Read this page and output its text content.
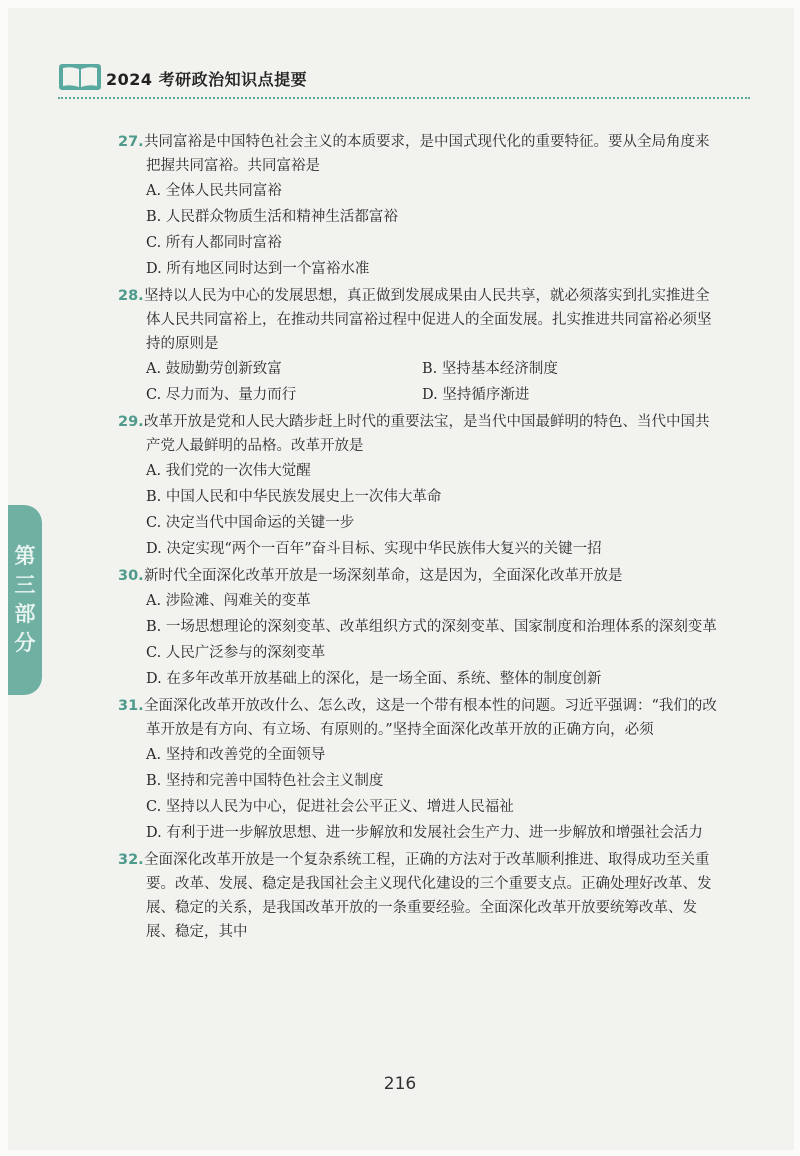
2024 考研政治知识点提要
第
三
部
分
27.共同富裕是中国特色社会主义的本质要求，是中国式现代化的重要特征。要从全局角度来把握共同富裕。共同富裕是
A. 全体人民共同富裕
B. 人民群众物质生活和精神生活都富裕
C. 所有人都同时富裕
D. 所有地区同时达到一个富裕水准
28.坚持以人民为中心的发展思想，真正做到发展成果由人民共享，就必须落实到扎实推进全体人民共同富裕上，在推动共同富裕过程中促进人的全面发展。扎实推进共同富裕必须坚持的原则是
A. 鼓励勤劳创新致富	B. 坚持基本经济制度
C. 尽力而为、量力而行	D. 坚持循序渐进
29.改革开放是党和人民大踏步赶上时代的重要法宝，是当代中国最鲜明的特色、当代中国共产党人最鲜明的品格。改革开放是
A. 我们党的一次伟大觉醒
B. 中国人民和中华民族发展史上一次伟大革命
C. 决定当代中国命运的关键一步
D. 决定实现“两个一百年”奋斗目标、实现中华民族伟大复兴的关键一招
30.新时代全面深化改革开放是一场深刻革命，这是因为，全面深化改革开放是
A. 涉险滩、闯难关的变革
B. 一场思想理论的深刻变革、改革组织方式的深刻变革、国家制度和治理体系的深刻变革
C. 人民广泛参与的深刻变革
D. 在多年改革开放基础上的深化，是一场全面、系统、整体的制度创新
31.全面深化改革开放改什么、怎么改，这是一个带有根本性的问题。习近平强调：“我们的改革开放是有方向、有立场、有原则的。”坚持全面深化改革开放的正确方向，必须
A. 坚持和改善党的全面领导
B. 坚持和完善中国特色社会主义制度
C. 坚持以人民为中心，促进社会公平正义、增进人民福祉
D. 有利于进一步解放思想、进一步解放和发展社会生产力、进一步解放和增强社会活力
32.全面深化改革开放是一个复杂系统工程，正确的方法对于改革顺利推进、取得成功至关重要。改革、发展、稳定是我国社会主义现代化建设的三个重要支点。正确处理好改革、发展、稳定的关系，是我国改革开放的一条重要经验。全面深化改革开放要统筹改革、发展、稳定，其中
216
